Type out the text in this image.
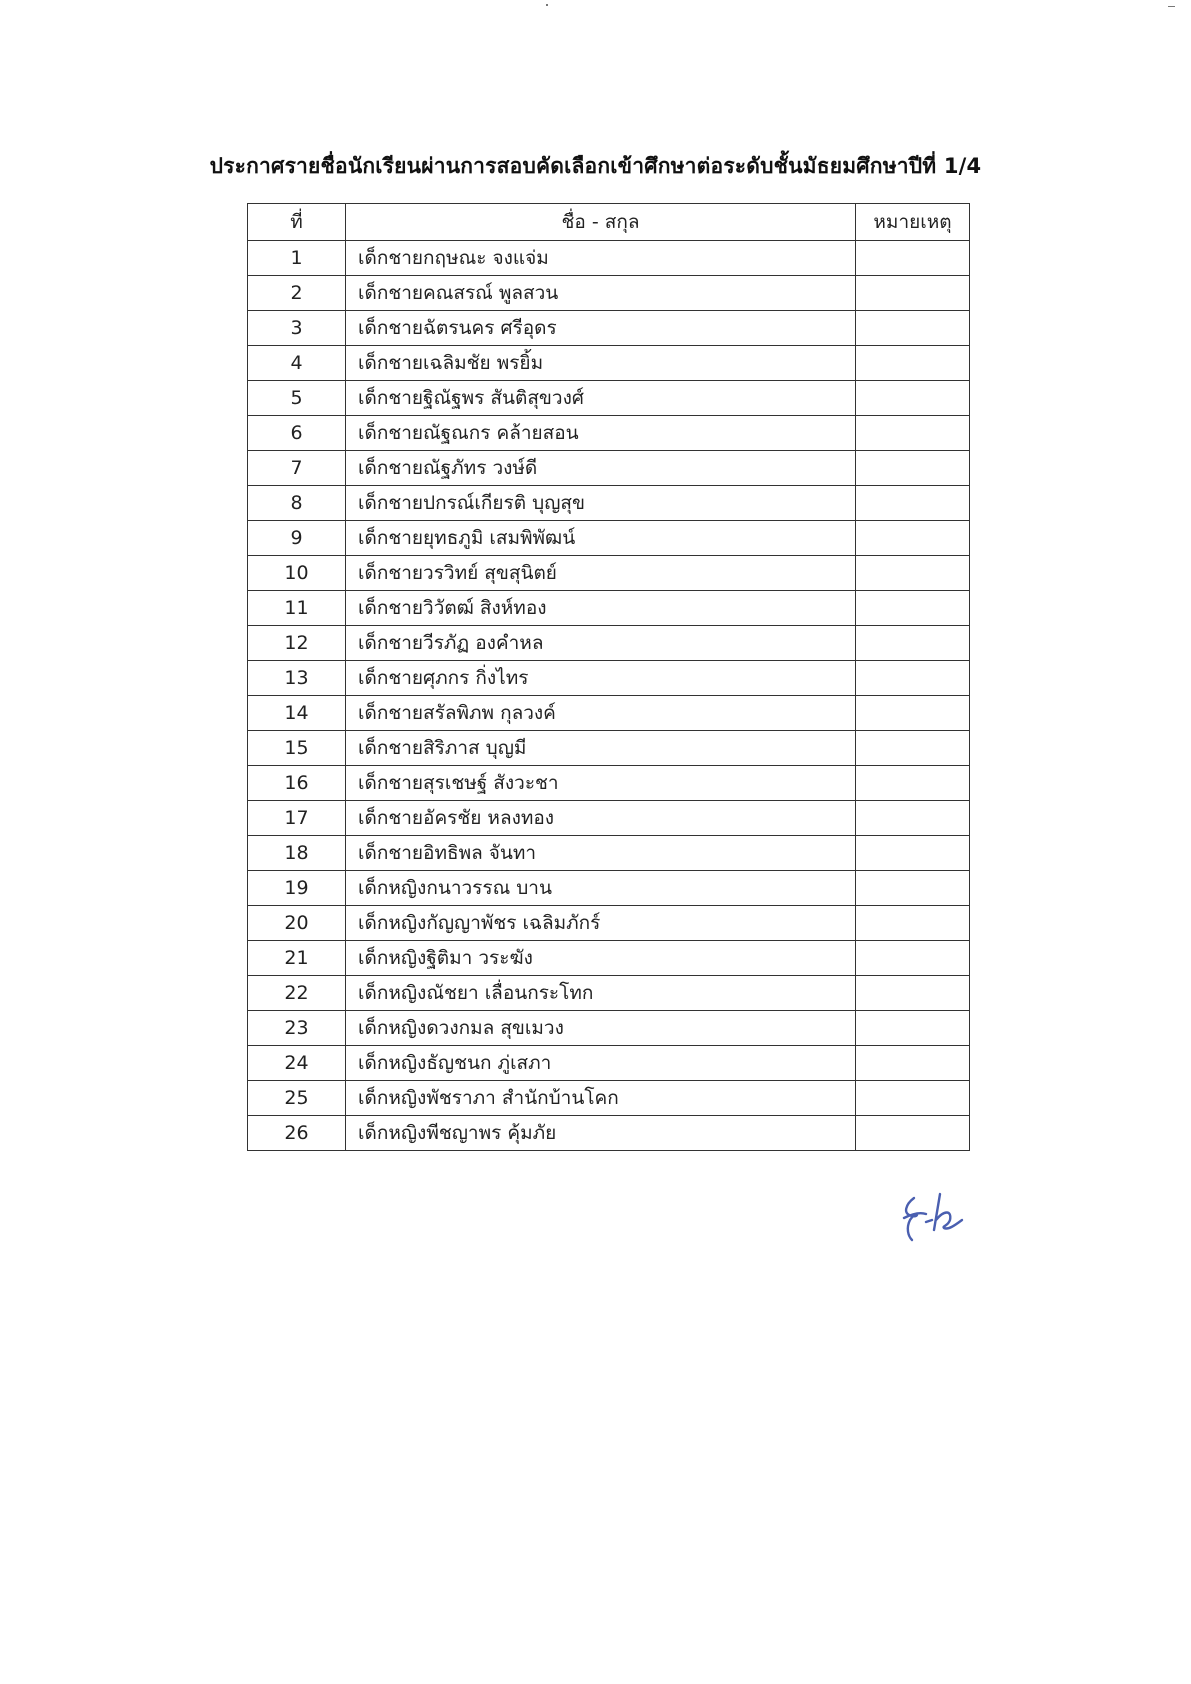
ประกาศรายชื่อนักเรียนผ่านการสอบคัดเลือกเข้าศึกษาต่อระดับชั้นมัธยมศึกษาปีที่ 1/4
ที่	ชื่อ - สกุล	หมายเหตุ
1	เด็กชายกฤษณะ จงแจ่ม	
2	เด็กชายคณสรณ์ พูลสวน	
3	เด็กชายฉัตรนคร ศรีอุดร	
4	เด็กชายเฉลิมชัย พรยิ้ม	
5	เด็กชายฐิณัฐพร สันติสุขวงศ์	
6	เด็กชายณัฐณกร คล้ายสอน	
7	เด็กชายณัฐภัทร วงษ์ดี	
8	เด็กชายปกรณ์เกียรติ บุญสุข	
9	เด็กชายยุทธภูมิ เสมพิพัฒน์	
10	เด็กชายวรวิทย์ สุขสุนิตย์	
11	เด็กชายวิวัตฒ์ สิงห์ทอง	
12	เด็กชายวีรภัฏ องคำหล	
13	เด็กชายศุภกร กิ่งไทร	
14	เด็กชายสรัลพิภพ กุลวงค์	
15	เด็กชายสิริภาส บุญมี	
16	เด็กชายสุรเชษฐ์ สังวะชา	
17	เด็กชายอัครชัย หลงทอง	
18	เด็กชายอิทธิพล จันทา	
19	เด็กหญิงกนาวรรณ บาน	
20	เด็กหญิงกัญญาพัชร เฉลิมภักร์	
21	เด็กหญิงฐิติมา วระฆัง	
22	เด็กหญิงณัชยา เลื่อนกระโทก	
23	เด็กหญิงดวงกมล สุขเมวง	
24	เด็กหญิงธัญชนก ภู่เสภา	
25	เด็กหญิงพัชราภา สำนักบ้านโคก	
26	เด็กหญิงพีชญาพร คุ้มภัย	
